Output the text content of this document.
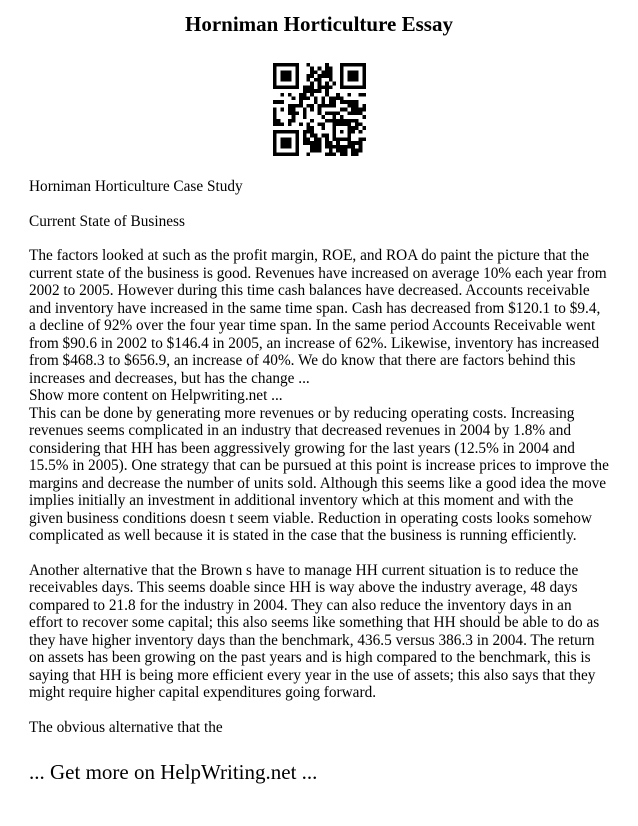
Horniman Horticulture Essay

Horniman Horticulture Case Study

Current State of Business

The factors looked at such as the profit margin, ROE, and ROA do paint the picture that the current state of the business is good. Revenues have increased on average 10% each year from 2002 to 2005. However during this time cash balances have decreased. Accounts receivable and inventory have increased in the same time span. Cash has decreased from $120.1 to $9.4, a decline of 92% over the four year time span. In the same period Accounts Receivable went from $90.6 in 2002 to $146.4 in 2005, an increase of 62%. Likewise, inventory has increased from $468.3 to $656.9, an increase of 40%. We do know that there are factors behind this increases and decreases, but has the change ...

Show more content on Helpwriting.net ...

This can be done by generating more revenues or by reducing operating costs. Increasing revenues seems complicated in an industry that decreased revenues in 2004 by 1.8% and considering that HH has been aggressively growing for the last years (12.5% in 2004 and 15.5% in 2005). One strategy that can be pursued at this point is increase prices to improve the margins and decrease the number of units sold. Although this seems like a good idea the move implies initially an investment in additional inventory which at this moment and with the given business conditions doesn t seem viable. Reduction in operating costs looks somehow complicated as well because it is stated in the case that the business is running efficiently.

Another alternative that the Brown s have to manage HH current situation is to reduce the receivables days. This seems doable since HH is way above the industry average, 48 days compared to 21.8 for the industry in 2004. They can also reduce the inventory days in an effort to recover some capital; this also seems like something that HH should be able to do as they have higher inventory days than the benchmark, 436.5 versus 386.3 in 2004. The return on assets has been growing on the past years and is high compared to the benchmark, this is saying that HH is being more efficient every year in the use of assets; this also says that they might require higher capital expenditures going forward.

The obvious alternative that the

... Get more on HelpWriting.net ...
